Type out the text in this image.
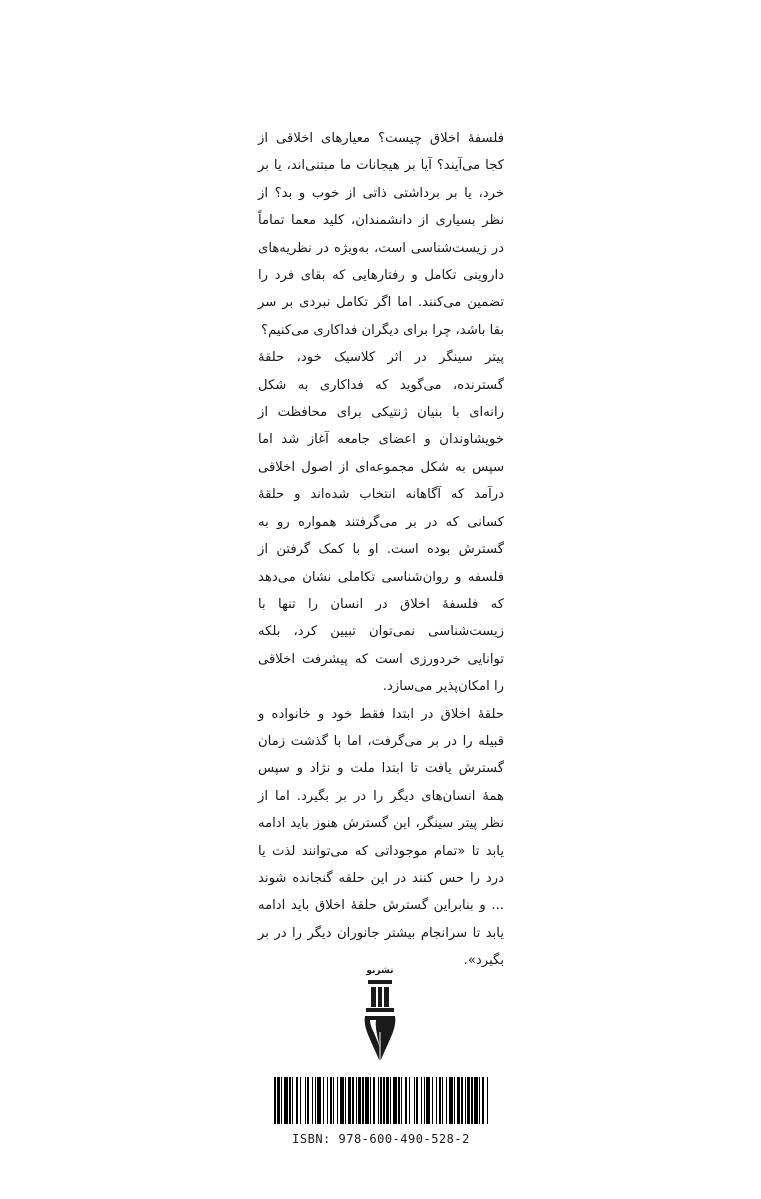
فلسفهٔ اخلاق چیست؟ معیارهای اخلاقی از کجا می‌آیند؟ آیا بر هیجانات ما مبتنی‌اند، یا بر خرد، یا بر برداشتی ذاتی از خوب و بد؟ از نظر بسیاری از دانشمندان، کلید معما تماماً در زیست‌شناسی است، به‌ویژه در نظریه‌های داروینی تکامل و رفتارهایی که بقای فرد را تضمین می‌کنند. اما اگر تکامل نبردی بر سر بقا باشد، چرا برای دیگران فداکاری می‌کنیم؟

پیتر سینگر در اثر کلاسیک خود، حلقهٔ گسترنده، می‌گوید که فداکاری به شکل رانه‌ای با بنیان ژنتیکی برای محافظت از خویشاوندان و اعضای جامعه آغاز شد اما سپس به شکل مجموعه‌ای از اصول اخلاقی درآمد که آگاهانه انتخاب شده‌اند و حلقهٔ کسانی که در بر می‌گرفتند همواره رو به گسترش بوده است. او با کمک گرفتن از فلسفه و روان‌شناسی تکاملی نشان می‌دهد که فلسفهٔ اخلاق در انسان را تنها با زیست‌شناسی نمی‌توان تبیین کرد، بلکه توانایی خردورزی است که پیشرفت اخلاقی را امکان‌پذیر می‌سازد.

حلقهٔ اخلاق در ابتدا فقط خود و خانواده و قبیله را در بر می‌گرفت، اما با گذشت زمان گسترش یافت تا ابتدا ملت و نژاد و سپس همهٔ انسان‌های دیگر را در بر بگیرد. اما از نظر پیتر سینگر، این گسترش هنوز باید ادامه یابد تا «تمام موجوداتی که می‌توانند لذت یا درد را حس کنند در این حلقه گنجانده شوند ... و بنابراین گسترش حلقهٔ اخلاق باید ادامه یابد تا سرانجام بیشتر جانوران دیگر را در بر بگیرد».

نشرنو
ISBN: 978-600-490-528-2
